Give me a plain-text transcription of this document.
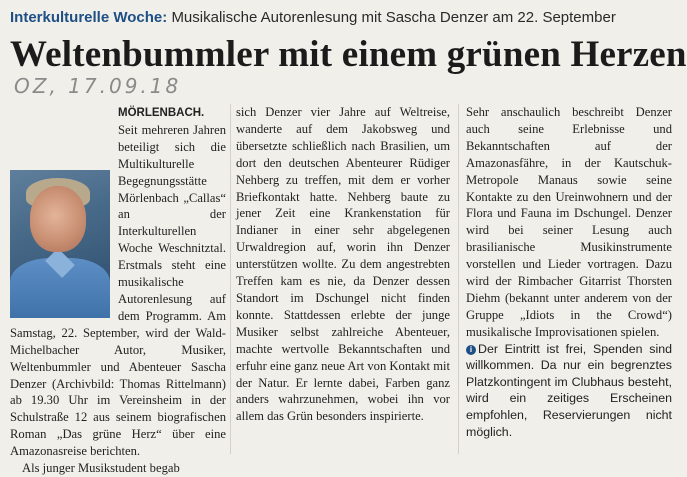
Interkulturelle Woche: Musikalische Autorenlesung mit Sascha Denzer am 22. September
Weltenbummler mit einem grünen Herzen
OZ, 17.09.18

MÖRLENBACH. Seit mehreren Jahren beteiligt sich die Multikulturelle Begegnungsstätte Mörlenbach „Callas“ an der Interkulturellen Woche Weschnitztal. Erstmals steht eine musikalische Autorenlesung auf dem Programm. Am Samstag, 22. September, wird der Wald-Michelbacher Autor, Musiker, Weltenbummler und Abenteuer Sascha Denzer (Archivbild: Thomas Rittelmann) ab 19.30 Uhr im Vereinsheim in der Schulstraße 12 aus seinem biografischen Roman „Das grüne Herz“ über eine Amazonasreise berichten.

Als junger Musikstudent begab

sich Denzer vier Jahre auf Weltreise, wanderte auf dem Jakobsweg und übersetzte schließlich nach Brasilien, um dort den deutschen Abenteurer Rüdiger Nehberg zu treffen, mit dem er vorher Briefkontakt hatte. Nehberg baute zu jener Zeit eine Krankenstation für Indianer in einer sehr abgelegenen Urwaldregion auf, worin ihn Denzer unterstützen wollte. Zu dem angestrebten Treffen kam es nie, da Denzer dessen Standort im Dschungel nicht finden konnte. Stattdessen erlebte der junge Musiker selbst zahlreiche Abenteuer, machte wertvolle Bekanntschaften und erfuhr eine ganz neue Art von Kontakt mit der Natur. Er lernte dabei, Farben ganz anders wahrzunehmen, wobei ihn vor allem das Grün besonders inspirierte.

Sehr anschaulich beschreibt Denzer auch seine Erlebnisse und Bekanntschaften auf der Amazonasfähre, in der Kautschuk-Metropole Manaus sowie seine Kontakte zu den Ureinwohnern und der Flora und Fauna im Dschungel. Denzer wird bei seiner Lesung auch brasilianische Musikinstrumente vorstellen und Lieder vortragen. Dazu wird der Rimbacher Gitarrist Thorsten Diehm (bekannt unter anderem von der Gruppe „Idiots in the Crowd“) musikalische Improvisationen spielen.

i Der Eintritt ist frei, Spenden sind willkommen. Da nur ein begrenztes Platzkontingent im Clubhaus besteht, wird ein zeitiges Erscheinen empfohlen, Reservierungen nicht möglich.
